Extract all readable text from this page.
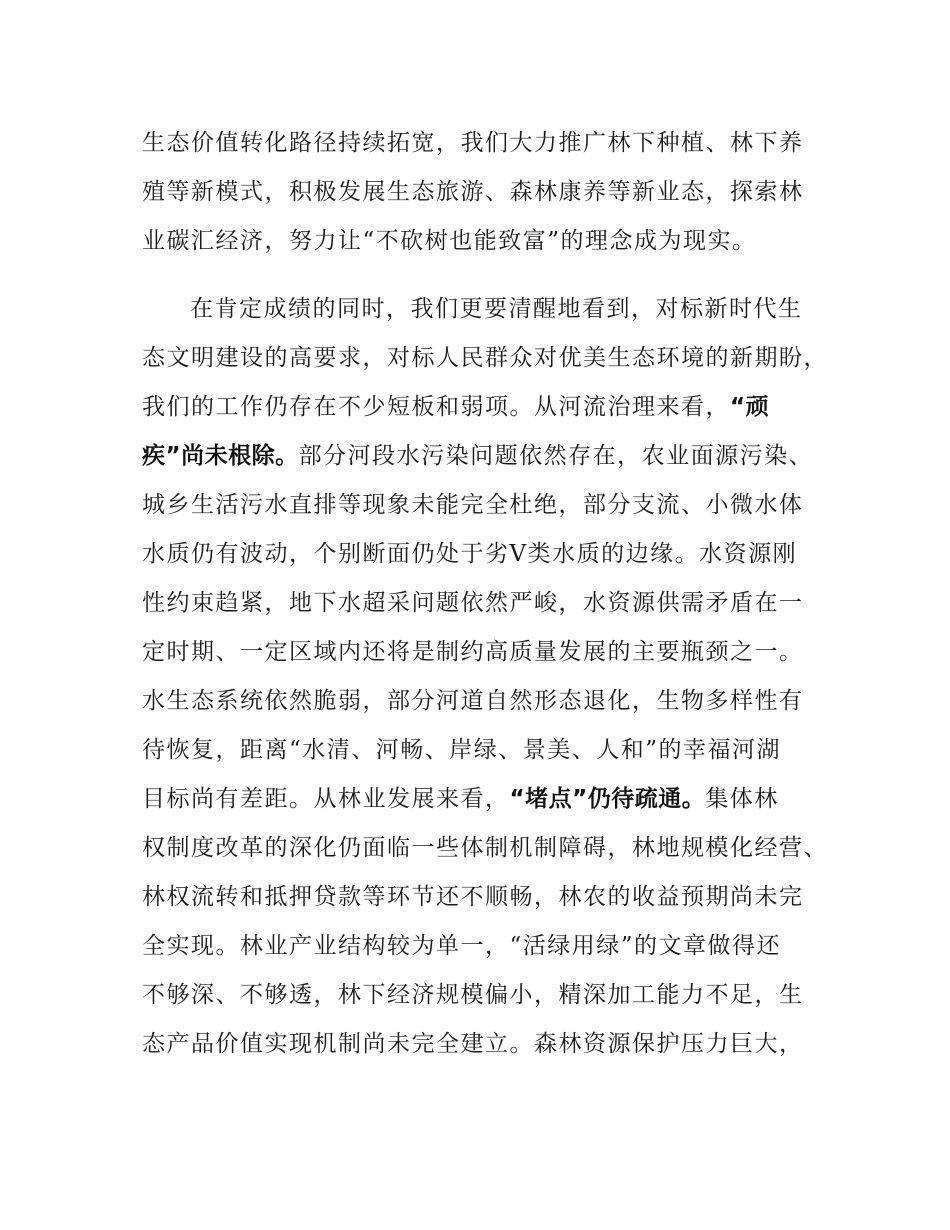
生态价值转化路径持续拓宽，我们大力推广林下种植、林下养

殖等新模式，积极发展生态旅游、森林康养等新业态，探索林

业碳汇经济，努力让“不砍树也能致富”的理念成为现实。

在肯定成绩的同时，我们更要清醒地看到，对标新时代生

态文明建设的高要求，对标人民群众对优美生态环境的新期盼，

我们的工作仍存在不少短板和弱项。从河流治理来看，“顽

疾”尚未根除。部分河段水污染问题依然存在，农业面源污染、

城乡生活污水直排等现象未能完全杜绝，部分支流、小微水体

水质仍有波动，个别断面仍处于劣Ⅴ类水质的边缘。水资源刚

性约束趋紧，地下水超采问题依然严峻，水资源供需矛盾在一

定时期、一定区域内还将是制约高质量发展的主要瓶颈之一。

水生态系统依然脆弱，部分河道自然形态退化，生物多样性有

待恢复，距离“水清、河畅、岸绿、景美、人和”的幸福河湖

目标尚有差距。从林业发展来看，“堵点”仍待疏通。集体林

权制度改革的深化仍面临一些体制机制障碍，林地规模化经营、

林权流转和抵押贷款等环节还不顺畅，林农的收益预期尚未完

全实现。林业产业结构较为单一，“活绿用绿”的文章做得还

不够深、不够透，林下经济规模偏小，精深加工能力不足，生

态产品价值实现机制尚未完全建立。森林资源保护压力巨大，
